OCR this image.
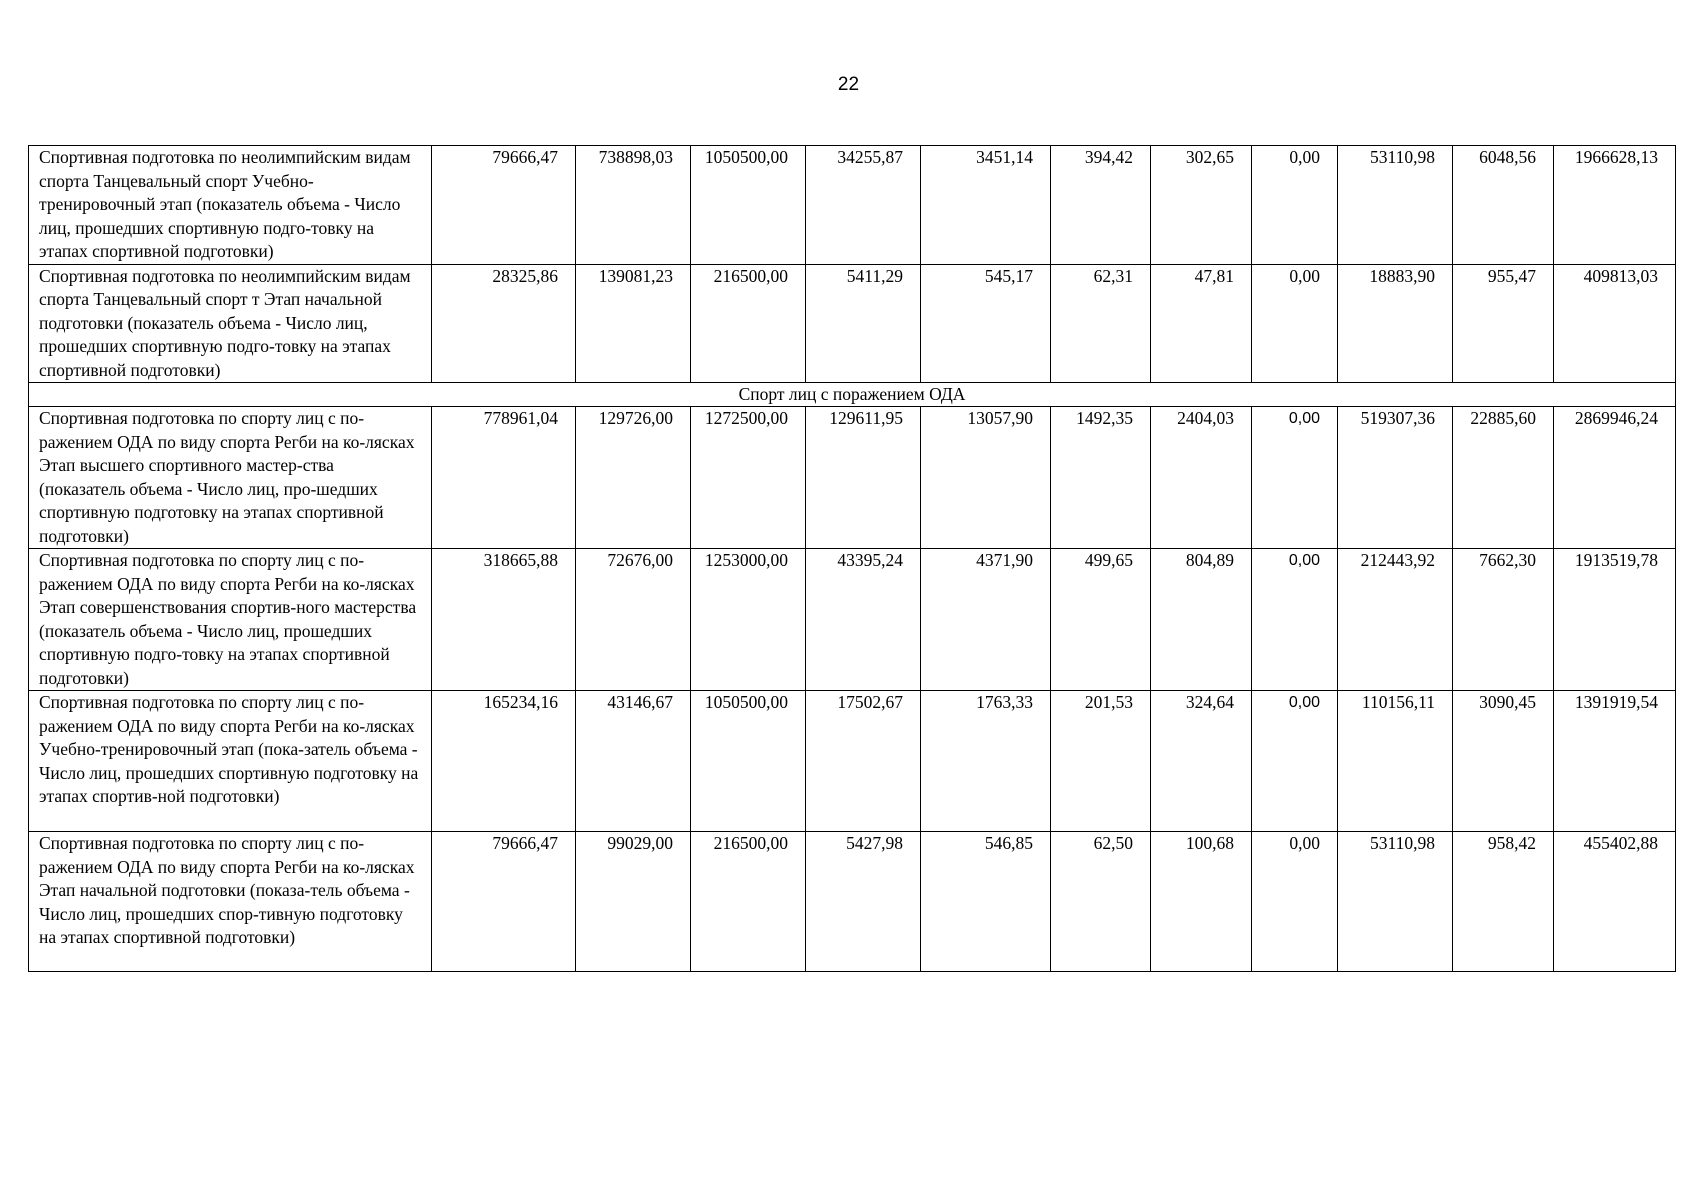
22
Спортивная подготовка по неолимпийским видам спорта Танцевальный спорт Учебно-тренировочный этап (показатель объема - Число лиц, прошедших спортивную подго-товку на этапах спортивной подготовки)	79666,47	738898,03	1050500,00	34255,87	3451,14	394,42	302,65	0,00	53110,98	6048,56	1966628,13
Спортивная подготовка по неолимпийским видам спорта Танцевальный спорт т Этап начальной подготовки (показатель объема - Число лиц, прошедших спортивную подго-товку на этапах спортивной подготовки)	28325,86	139081,23	216500,00	5411,29	545,17	62,31	47,81	0,00	18883,90	955,47	409813,03
Спорт лиц с поражением ОДА											
Спортивная подготовка по спорту лиц с по-ражением ОДА по виду спорта Регби на ко-лясках Этап высшего спортивного мастер-ства (показатель объема - Число лиц, про-шедших спортивную подготовку на этапах спортивной подготовки)	778961,04	129726,00	1272500,00	129611,95	13057,90	1492,35	2404,03	0,00	519307,36	22885,60	2869946,24
Спортивная подготовка по спорту лиц с по-ражением ОДА по виду спорта Регби на ко-лясках Этап совершенствования спортив-ного мастерства (показатель объема - Число лиц, прошедших спортивную подго-товку на этапах спортивной подготовки)	318665,88	72676,00	1253000,00	43395,24	4371,90	499,65	804,89	0,00	212443,92	7662,30	1913519,78
Спортивная подготовка по спорту лиц с по-ражением ОДА по виду спорта Регби на ко-лясках Учебно-тренировочный этап (пока-затель объема - Число лиц, прошедших спортивную подготовку на этапах спортив-ной подготовки)	165234,16	43146,67	1050500,00	17502,67	1763,33	201,53	324,64	0,00	110156,11	3090,45	1391919,54
Спортивная подготовка по спорту лиц с по-ражением ОДА по виду спорта Регби на ко-лясках Этап начальной подготовки (показа-тель объема - Число лиц, прошедших спор-тивную подготовку на этапах спортивной подготовки)	79666,47	99029,00	216500,00	5427,98	546,85	62,50	100,68	0,00	53110,98	958,42	455402,88
